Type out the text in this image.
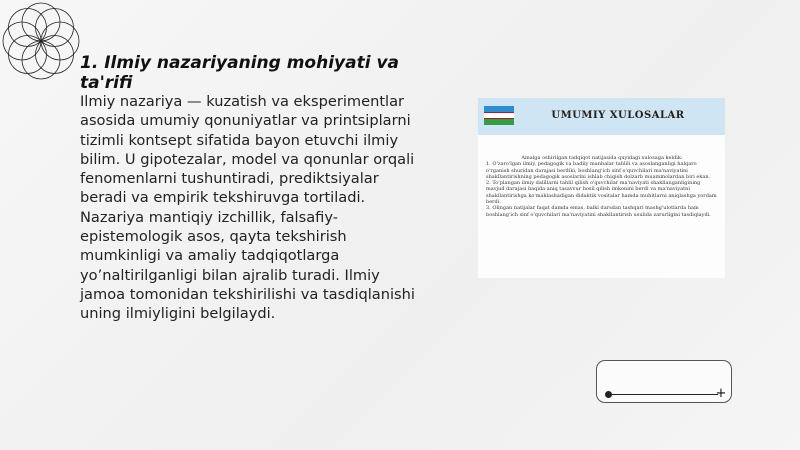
1. Ilmiy nazariyaning mohiyati va ta'rifi

Ilmiy nazariya — kuzatish va eksperimentlar asosida umumiy qonuniyatlar va printsiplarni tizimli kontsept sifatida bayon etuvchi ilmiy bilim. U gipotezalar, model va qonunlar orqali fenomenlarni tushuntiradi, prediktsiyalar beradi va empirik tekshiruvga tortiladi. Nazariya mantiqiy izchillik, falsafiy-epistemologik asos, qayta tekshirish mumkinligi va amaliy tadqiqotlarga yo’naltirilganligi bilan ajralib turadi. Ilmiy jamoa tomonidan tekshirilishi va tasdiqlanishi uning ilmiyligini belgilaydi.

UMUMIY XULOSALAR

Amalga oshirilgan tadqiqot natijasida quyidagi xulosaga keldik:

1. O'zaro'lgan ilmiy, pedagogik va badiiy manbalar tahlili va asoslanganligi halqaro o'rganish shuridan darajasi berdiki, boshlang'ich sinf o'quvchilari ma'naviyatini shakllantirishning pedagogik asoslarini ishlab chiqish dolzarb muammolardan biri ekan.

2. To'plangan ilmiy dalillarni tahlil qilish o'quvchilar ma'naviyati shakllanganligining mavjud darajasi haqida aniq tasavvur hosil qilish imkonini berdi va ma'naviyatni shakllantirishga ko'maklashadigan didaktik vositalar hamda muhitlarni aniqlashga yordam berdi.

3. Olingan natijalar faqat damda emas, balki darsdan tashqari mashg'ulotlarda ham boshlang'ich sinf o'quvchilari ma'naviyatini shakllantirish usulida zarurligini tasdiqlaydi.

+
